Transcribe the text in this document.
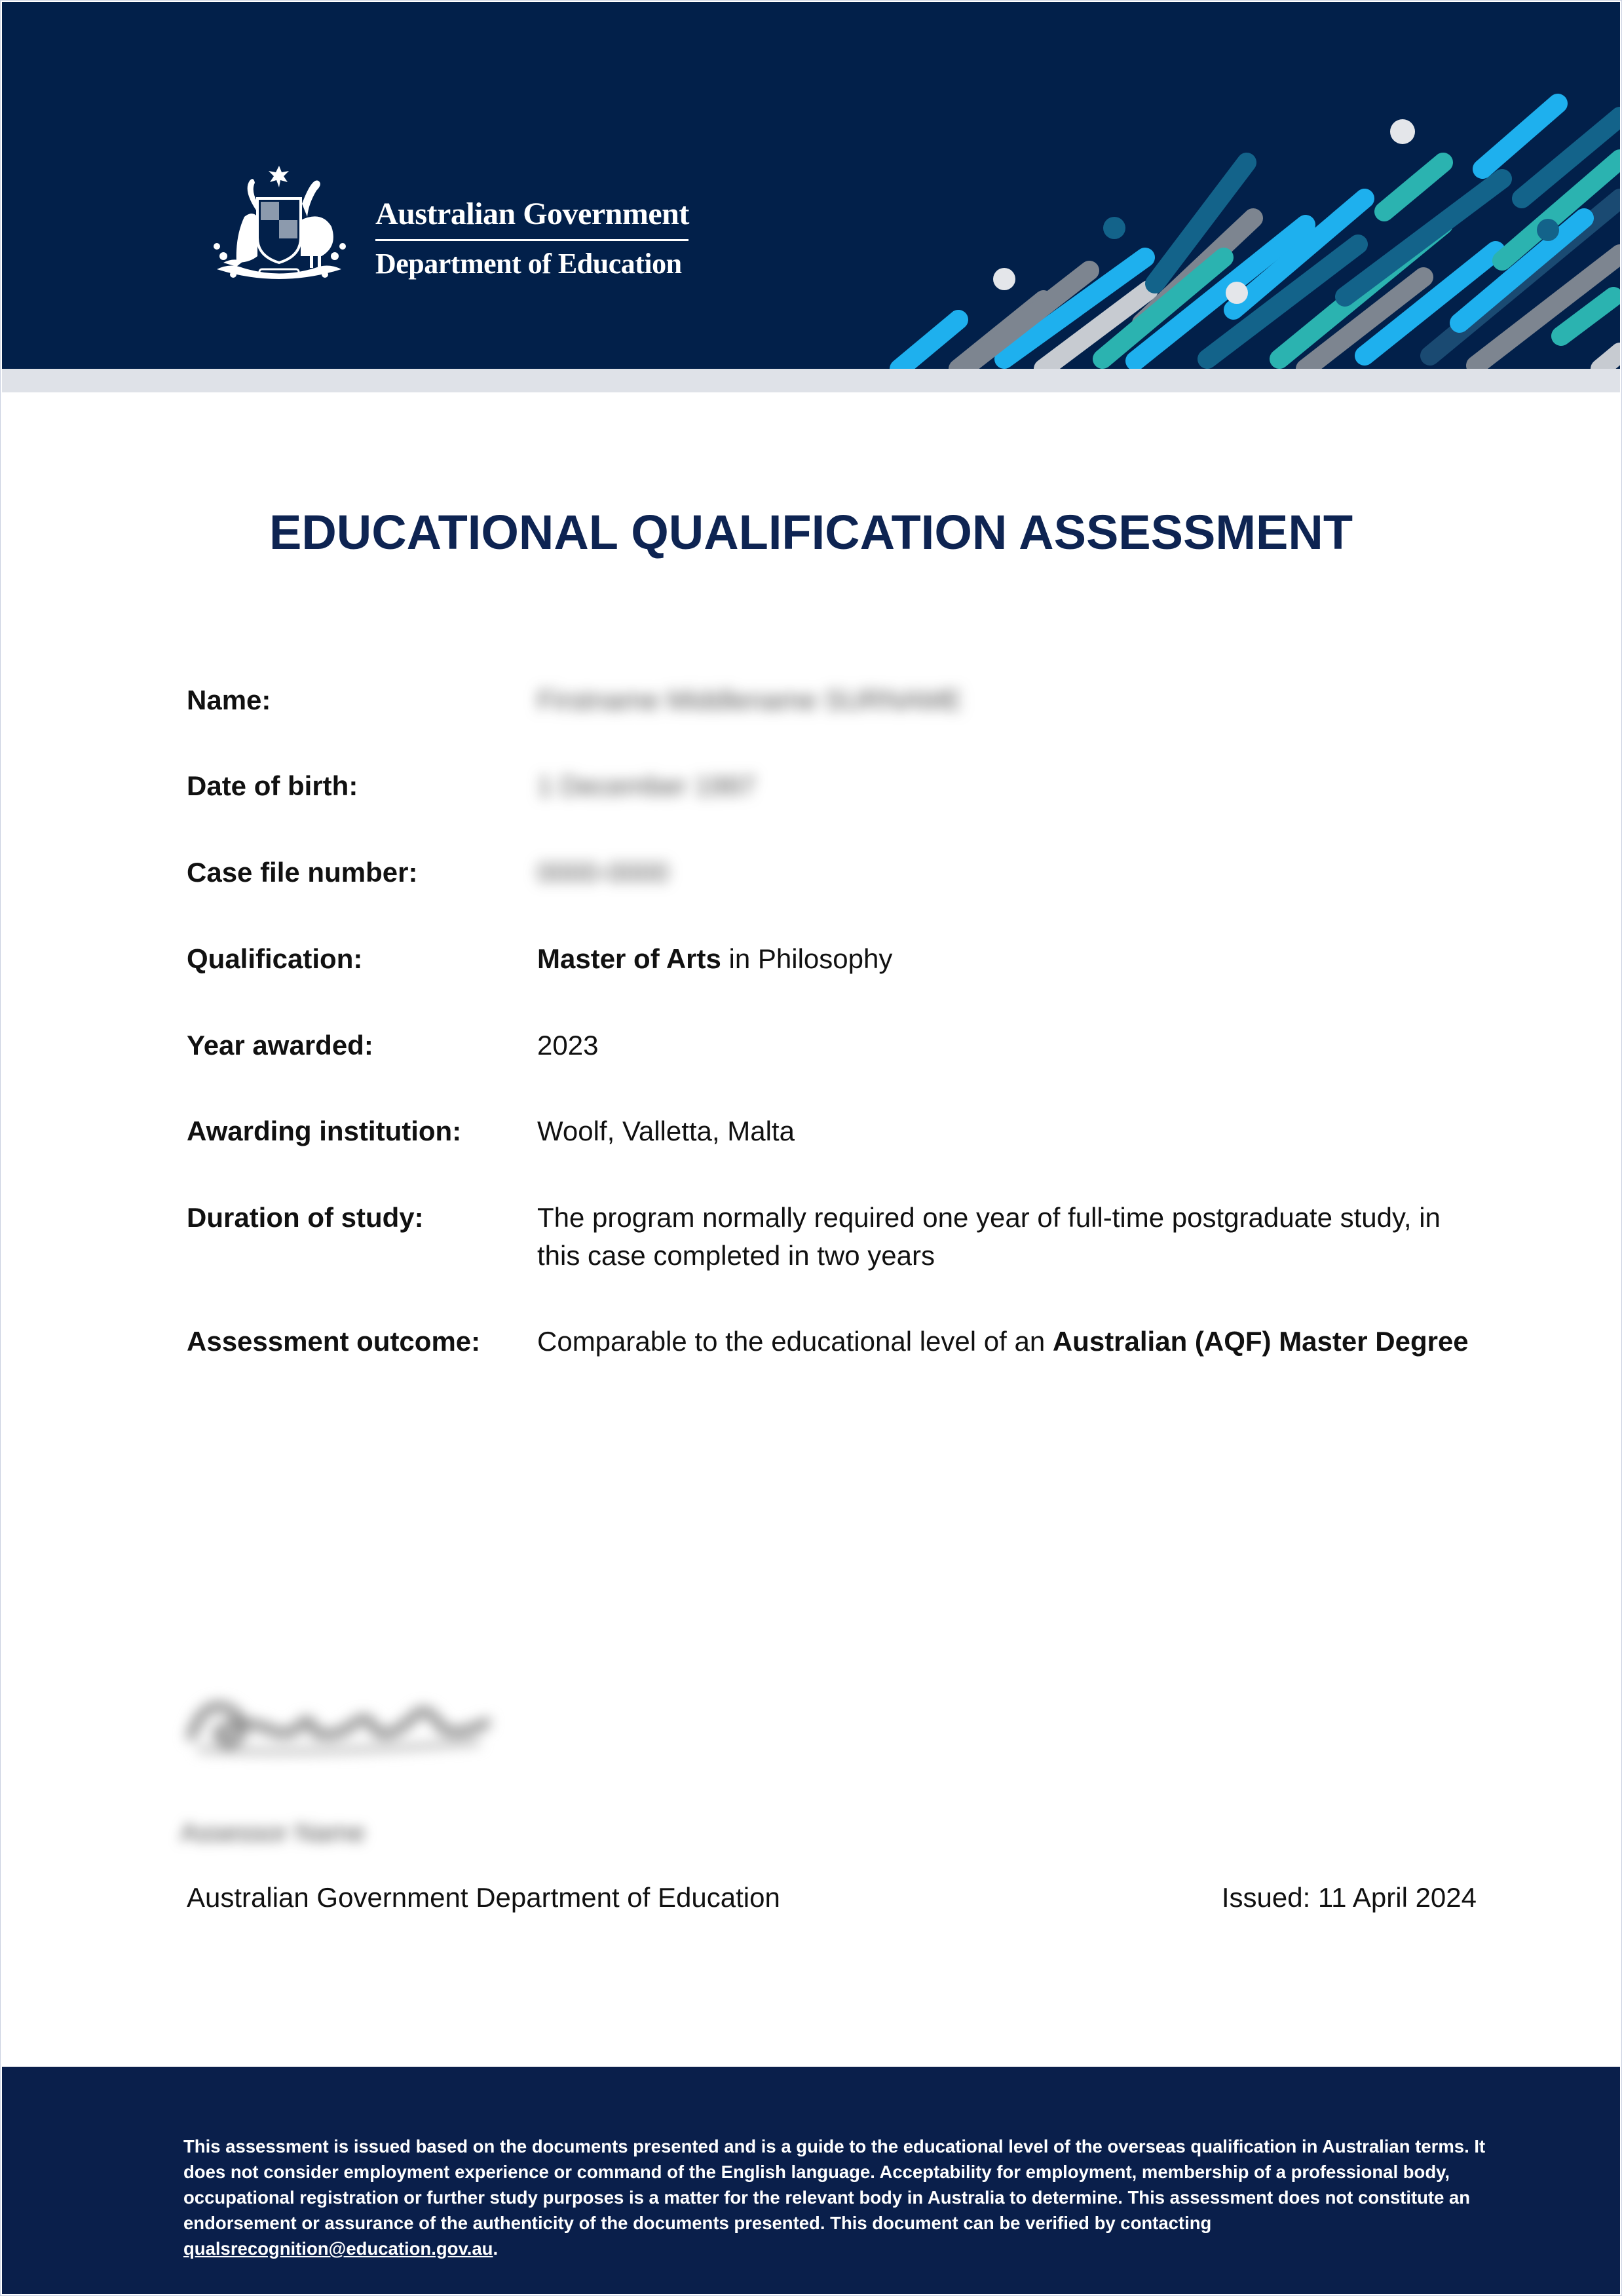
Australian Government
Department of Education
EDUCATIONAL QUALIFICATION ASSESSMENT
Name:	Firstname Middlename SURNAME
Date of birth:	1 December 1997
Case file number:	0000-0000
Qualification:	Master of Arts in Philosophy
Year awarded:	2023
Awarding institution:	Woolf, Valletta, Malta
Duration of study:	The program normally required one year of full-time postgraduate study, in
this case completed in two years
Assessment outcome: Comparable to the educational level of an Australian (AQF) Master Degree
Assessor Name
Australian Government Department of Education	Issued: 11 April 2024
This assessment is issued based on the documents presented and is a guide to the educational level of the overseas qualification in Australian terms. It does not consider employment experience or command of the English language. Acceptability for employment, membership of a professional body, occupational registration or further study purposes is a matter for the relevant body in Australia to determine. This assessment does not constitute an endorsement or assurance of the authenticity of the documents presented. This document can be verified by contacting qualsrecognition@education.gov.au.
